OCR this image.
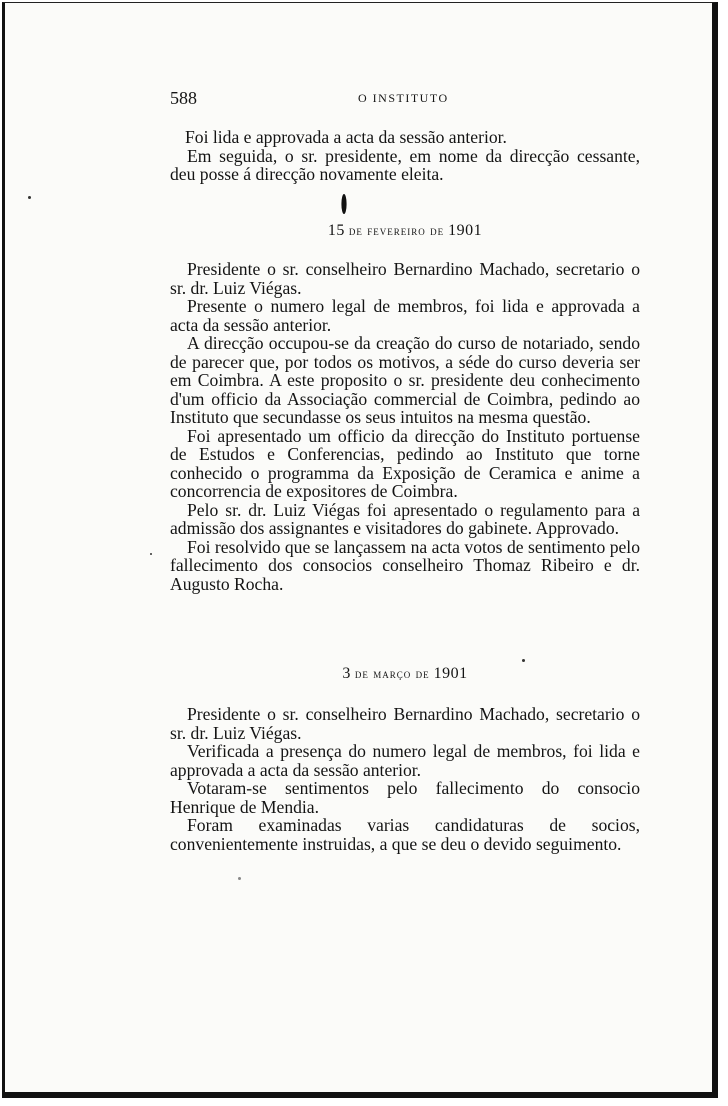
588	O INSTITUTO

Foi lida e approvada a acta da sessão anterior.

Em seguida, o sr. presidente, em nome da direcção cessante, deu posse á direcção novamente eleita.

15 de fevereiro de 1901

Presidente o sr. conselheiro Bernardino Machado, secretario o sr. dr. Luiz Viégas.

Presente o numero legal de membros, foi lida e approvada a acta da sessão anterior.

A direcção occupou-se da creação do curso de notariado, sendo de parecer que, por todos os motivos, a séde do curso deveria ser em Coimbra. A este proposito o sr. presidente deu conhecimento d'um officio da Associação commercial de Coimbra, pedindo ao Instituto que secundasse os seus intuitos na mesma questão.

Foi apresentado um officio da direcção do Instituto portuense de Estudos e Conferencias, pedindo ao Instituto que torne conhecido o programma da Exposição de Ceramica e anime a concorrencia de expositores de Coimbra.

Pelo sr. dr. Luiz Viégas foi apresentado o regulamento para a admissão dos assignantes e visitadores do gabinete. Approvado.

Foi resolvido que se lançassem na acta votos de sentimento pelo fallecimento dos consocios conselheiro Thomaz Ribeiro e dr. Augusto Rocha.

3 de março de 1901

Presidente o sr. conselheiro Bernardino Machado, secretario o sr. dr. Luiz Viégas.

Verificada a presença do numero legal de membros, foi lida e approvada a acta da sessão anterior.

Votaram-se sentimentos pelo fallecimento do consocio Henrique de Mendia.

Foram examinadas varias candidaturas de socios, convenientemente instruidas, a que se deu o devido seguimento.
